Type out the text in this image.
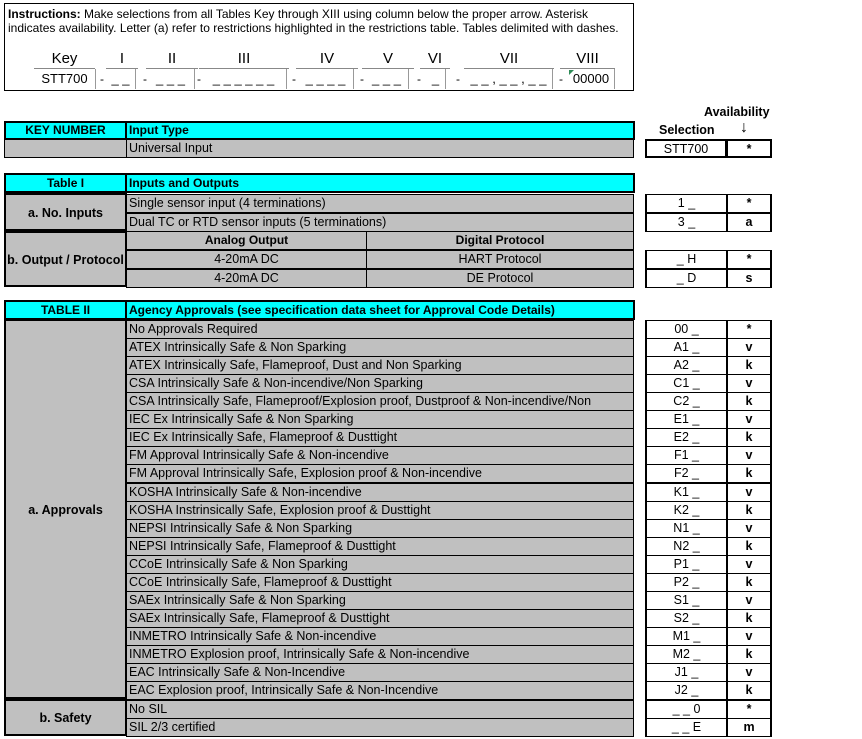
Instructions: Make selections from all Tables Key through XIII using column below the proper arrow. Asterisk indicates availability. Letter (a) refer to restrictions highlighted in the restrictions table. Tables delimited with dashes.
Key	I	II	III	IV	V	VI	VII	VIII
STT700	_ _	_ _ _	_ _ _ _ _ _	_ _ _ _	_ _ _	_	_ _ , _ _ , _ _	00000
-	-	-	-	-	-	-	-
Availability
Selection ↓
KEY NUMBER	Input Type
Universal Input	STT700	*
Table I	Inputs and Outputs
a. No. Inputs
Single sensor input (4 terminations)	1 _	*
Dual TC or RTD sensor inputs (5 terminations)	3 _	a
b. Output / Protocol
Analog Output	Digital Protocol
4-20mA DC	HART Protocol	_ H	*
4-20mA DC	DE Protocol	_ D	s
TABLE II	Agency Approvals (see specification data sheet for Approval Code Details)
a. Approvals
No Approvals Required	00 _	*
ATEX Intrinsically Safe & Non Sparking	A1 _	v
ATEX Intrinsically Safe, Flameproof, Dust and Non Sparking	A2 _	k
CSA Intrinsically Safe & Non-incendive/Non Sparking	C1 _	v
CSA Intrinsically Safe, Flameproof/Explosion proof, Dustproof & Non-incendive/Non	C2 _	k
IEC Ex Intrinsically Safe & Non Sparking	E1 _	v
IEC Ex Intrinsically Safe, Flameproof & Dusttight	E2 _	k
FM Approval Intrinsically Safe & Non-incendive	F1 _	v
FM Approval Intrinsically Safe, Explosion proof & Non-incendive	F2 _	k
KOSHA Intrinsically Safe & Non-incendive	K1 _	v
KOSHA Instrinsically Safe, Explosion proof & Dusttight	K2 _	k
NEPSI Intrinsically Safe & Non Sparking	N1 _	v
NEPSI Intrinsically Safe, Flameproof & Dusttight	N2 _	k
CCoE Intrinsically Safe & Non Sparking	P1 _	v
CCoE Intrinsically Safe, Flameproof & Dusttight	P2 _	k
SAEx Intrinsically Safe & Non Sparking	S1 _	v
SAEx Intrinsically Safe, Flameproof & Dusttight	S2 _	k
INMETRO Intrinsically Safe & Non-incendive	M1 _	v
INMETRO Explosion proof, Intrinsically Safe & Non-incendive	M2 _	k
EAC Intrinsically Safe & Non-Incendive	J1 _	v
EAC Explosion proof, Intrinsically Safe & Non-Incendive	J2 _	k
b. Safety
No SIL	_ _ 0	*
SIL 2/3 certified	_ _ E	m
